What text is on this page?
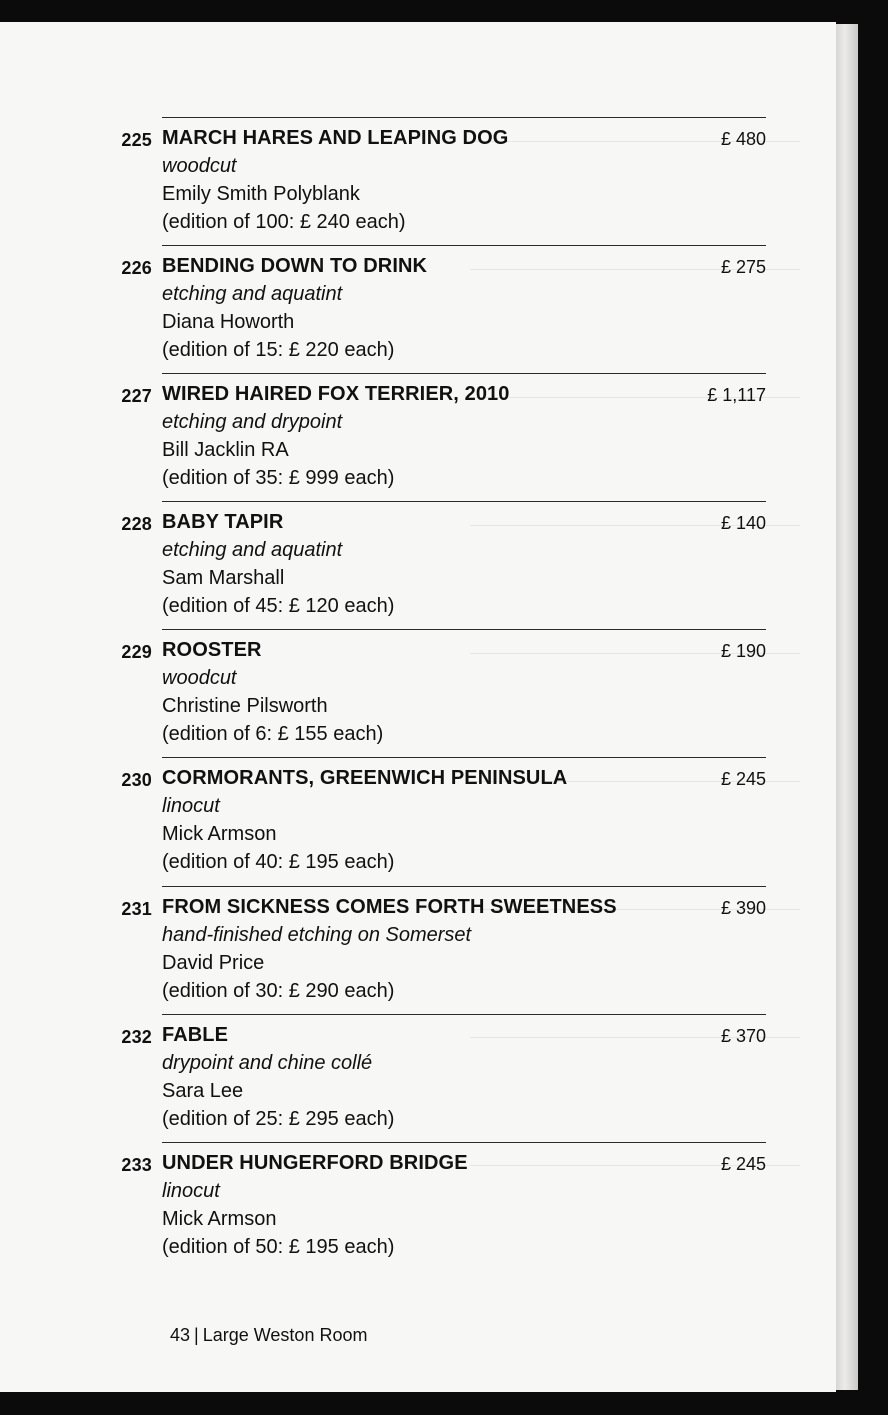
225 MARCH HARES AND LEAPING DOG
woodcut
Emily Smith Polyblank
(edition of 100: £ 240 each)
£ 480
226 BENDING DOWN TO DRINK
etching and aquatint
Diana Howorth
(edition of 15: £ 220 each)
£ 275
227 WIRED HAIRED FOX TERRIER, 2010
etching and drypoint
Bill Jacklin RA
(edition of 35: £ 999 each)
£ 1,117
228 BABY TAPIR
etching and aquatint
Sam Marshall
(edition of 45: £ 120 each)
£ 140
229 ROOSTER
woodcut
Christine Pilsworth
(edition of 6: £ 155 each)
£ 190
230 CORMORANTS, GREENWICH PENINSULA
linocut
Mick Armson
(edition of 40: £ 195 each)
£ 245
231 FROM SICKNESS COMES FORTH SWEETNESS
hand-finished etching on Somerset
David Price
(edition of 30: £ 290 each)
£ 390
232 FABLE
drypoint and chine collé
Sara Lee
(edition of 25: £ 295 each)
£ 370
233 UNDER HUNGERFORD BRIDGE
linocut
Mick Armson
(edition of 50: £ 195 each)
£ 245
43 | Large Weston Room
